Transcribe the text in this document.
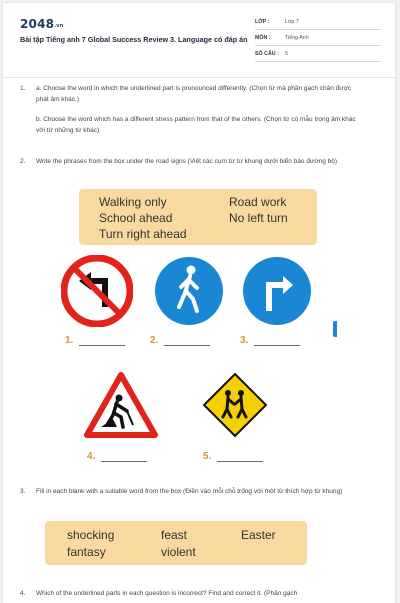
2048.vn
Bài tập Tiếng anh 7 Global Success Review 3. Language có đáp án
LỚP :	Lớp 7
MÔN :	Tiếng Anh
SỐ CÂU : 5
1. a. Choose the word in which the underlined part is pronounced differently. (Chọn từ mà phần gạch chân được phát âm khác.)
b. Choose the word which has a different stress pattern from that of the others. (Chọn từ có mẫu trọng âm khác với từ những từ khác)
2. Write the phrases from the box under the road signs (Viết các cụm từ từ khung dưới biển báo đường bộ)
Walking only	Road work
School ahead	No left turn
Turn right ahead
1.	2.	3.
4.	5.
3. Fill in each blank with a suitable word from the box (Điền vào mỗi chỗ trống với một từ thích hợp từ khung)
shocking	feast	Easter
fantasy	violent
4. Which of the underlined parts in each question is incorrect? Find and correct it. (Phần gạch
